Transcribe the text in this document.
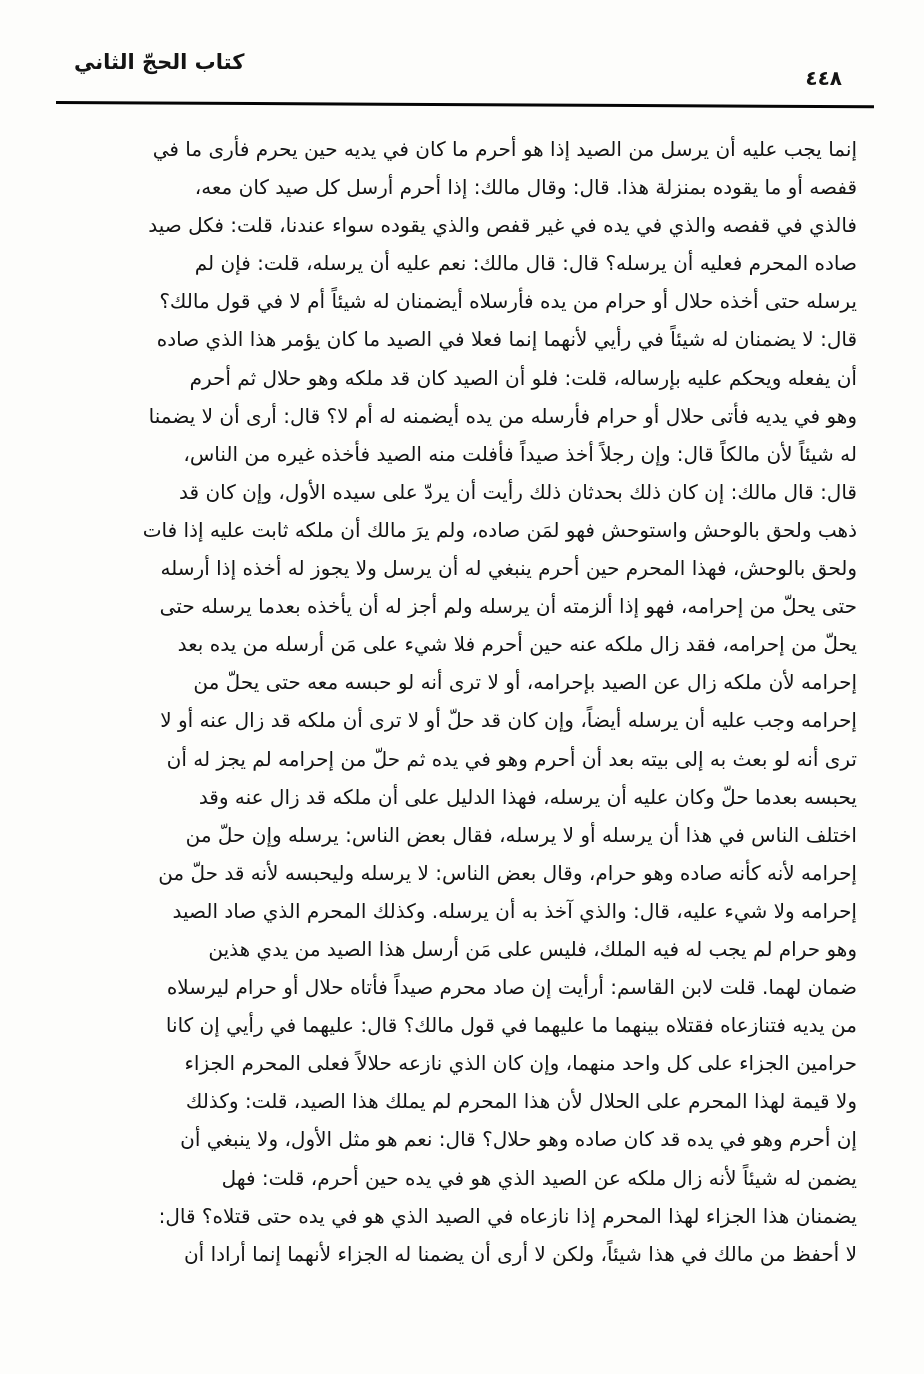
كتاب الحجّ الثاني
٤٤٨
إنما يجب عليه أن يرسل من الصيد إذا هو أحرم ما كان في يديه حين يحرم فأرى ما في
قفصه أو ما يقوده بمنزلة هذا. قال: وقال مالك: إذا أحرم أرسل كل صيد كان معه،
فالذي في قفصه والذي في يده في غير قفص والذي يقوده سواء عندنا، قلت: فكل صيد
صاده المحرم فعليه أن يرسله؟ قال: قال مالك: نعم عليه أن يرسله، قلت: فإن لم
يرسله حتى أخذه حلال أو حرام من يده فأرسلاه أيضمنان له شيئاً أم لا في قول مالك؟
قال: لا يضمنان له شيئاً في رأيي لأنهما إنما فعلا في الصيد ما كان يؤمر هذا الذي صاده
أن يفعله ويحكم عليه بإرساله، قلت: فلو أن الصيد كان قد ملكه وهو حلال ثم أحرم
وهو في يديه فأتى حلال أو حرام فأرسله من يده أيضمنه له أم لا؟ قال: أرى أن لا يضمنا
له شيئاً لأن مالكاً قال: وإن رجلاً أخذ صيداً فأفلت منه الصيد فأخذه غيره من الناس،
قال: قال مالك: إن كان ذلك بحدثان ذلك رأيت أن يردّ على سيده الأول، وإن كان قد
ذهب ولحق بالوحش واستوحش فهو لمَن صاده، ولم يرَ مالك أن ملكه ثابت عليه إذا فات
ولحق بالوحش، فهذا المحرم حين أحرم ينبغي له أن يرسل ولا يجوز له أخذه إذا أرسله
حتى يحلّ من إحرامه، فهو إذا ألزمته أن يرسله ولم أجز له أن يأخذه بعدما يرسله حتى
يحلّ من إحرامه، فقد زال ملكه عنه حين أحرم فلا شيء على مَن أرسله من يده بعد
إحرامه لأن ملكه زال عن الصيد بإحرامه، أو لا ترى أنه لو حبسه معه حتى يحلّ من
إحرامه وجب عليه أن يرسله أيضاً، وإن كان قد حلّ أو لا ترى أن ملكه قد زال عنه أو لا
ترى أنه لو بعث به إلى بيته بعد أن أحرم وهو في يده ثم حلّ من إحرامه لم يجز له أن
يحبسه بعدما حلّ وكان عليه أن يرسله، فهذا الدليل على أن ملكه قد زال عنه وقد
اختلف الناس في هذا أن يرسله أو لا يرسله، فقال بعض الناس: يرسله وإن حلّ من
إحرامه لأنه كأنه صاده وهو حرام، وقال بعض الناس: لا يرسله وليحبسه لأنه قد حلّ من
إحرامه ولا شيء عليه، قال: والذي آخذ به أن يرسله. وكذلك المحرم الذي صاد الصيد
وهو حرام لم يجب له فيه الملك، فليس على مَن أرسل هذا الصيد من يدي هذين
ضمان لهما. قلت لابن القاسم: أرأيت إن صاد محرم صيداً فأتاه حلال أو حرام ليرسلاه
من يديه فتنازعاه فقتلاه بينهما ما عليهما في قول مالك؟ قال: عليهما في رأيي إن كانا
حرامين الجزاء على كل واحد منهما، وإن كان الذي نازعه حلالاً فعلى المحرم الجزاء
ولا قيمة لهذا المحرم على الحلال لأن هذا المحرم لم يملك هذا الصيد، قلت: وكذلك
إن أحرم وهو في يده قد كان صاده وهو حلال؟ قال: نعم هو مثل الأول، ولا ينبغي أن
يضمن له شيئاً لأنه زال ملكه عن الصيد الذي هو في يده حين أحرم، قلت: فهل
يضمنان هذا الجزاء لهذا المحرم إذا نازعاه في الصيد الذي هو في يده حتى قتلاه؟ قال:
لا أحفظ من مالك في هذا شيئاً، ولكن لا أرى أن يضمنا له الجزاء لأنهما إنما أرادا أن
